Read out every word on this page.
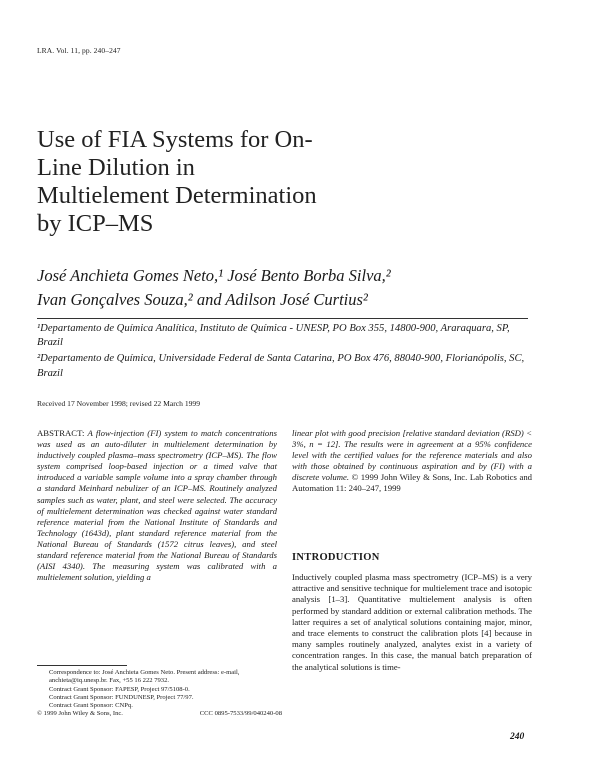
LRA. Vol. 11, pp. 240–247
Use of FIA Systems for On-
Line Dilution in
Multielement Determination
by ICP–MS
José Anchieta Gomes Neto,¹ José Bento Borba Silva,²
Ivan Gonçalves Souza,² and Adilson José Curtius²

¹Departamento de Química Analítica, Instituto de Química - UNESP, PO Box 355, 14800-900, Araraquara, SP, Brazil

²Departamento de Química, Universidade Federal de Santa Catarina, PO Box 476, 88040-900, Florianópolis, SC, Brazil

Received 17 November 1998; revised 22 March 1999
ABSTRACT: A flow-injection (FI) system to match concentrations was used as an auto-diluter in multielement determination by inductively coupled plasma–mass spectrometry (ICP–MS). The flow system comprised loop-based injection or a timed valve that introduced a variable sample volume into a spray chamber through a standard Meinhard nebulizer of an ICP–MS. Routinely analyzed samples such as water, plant, and steel were selected. The accuracy of multielement determination was checked against water standard reference material from the National Institute of Standards and Technology (1643d), plant standard reference material from the National Bureau of Standards (1572 citrus leaves), and steel standard reference material from the National Bureau of Standards (AISI 4340). The measuring system was calibrated with a multielement solution, yielding a
linear plot with good precision [relative standard deviation (RSD) < 3%, n = 12]. The results were in agreement at a 95% confidence level with the certified values for the reference materials and also with those obtained by continuous aspiration and by (FI) with a discrete volume. © 1999 John Wiley & Sons, Inc. Lab Robotics and Automation 11: 240–247, 1999
INTRODUCTION
Inductively coupled plasma mass spectrometry (ICP–MS) is a very attractive and sensitive technique for multielement trace and isotopic analysis [1–3]. Quantitative multielement analysis is often performed by standard addition or external calibration methods. The latter requires a set of analytical solutions containing major, minor, and trace elements to construct the calibration plots [4] because in many samples routinely analyzed, analytes exist in a variety of concentration ranges. In this case, the manual batch preparation of the analytical solutions is time-
Correspondence to: José Anchieta Gomes Neto. Present address: e-mail, anchieta@iq.unesp.br. Fax, +55 16 222 7932.
Contract Grant Sponsor: FAPESP, Project 97/5108-0.
Contract Grant Sponsor: FUNDUNESP, Project 77/97.
Contract Grant Sponsor: CNPq.
© 1999 John Wiley & Sons, Inc.	CCC 0895-7533/99/040240-08
240
